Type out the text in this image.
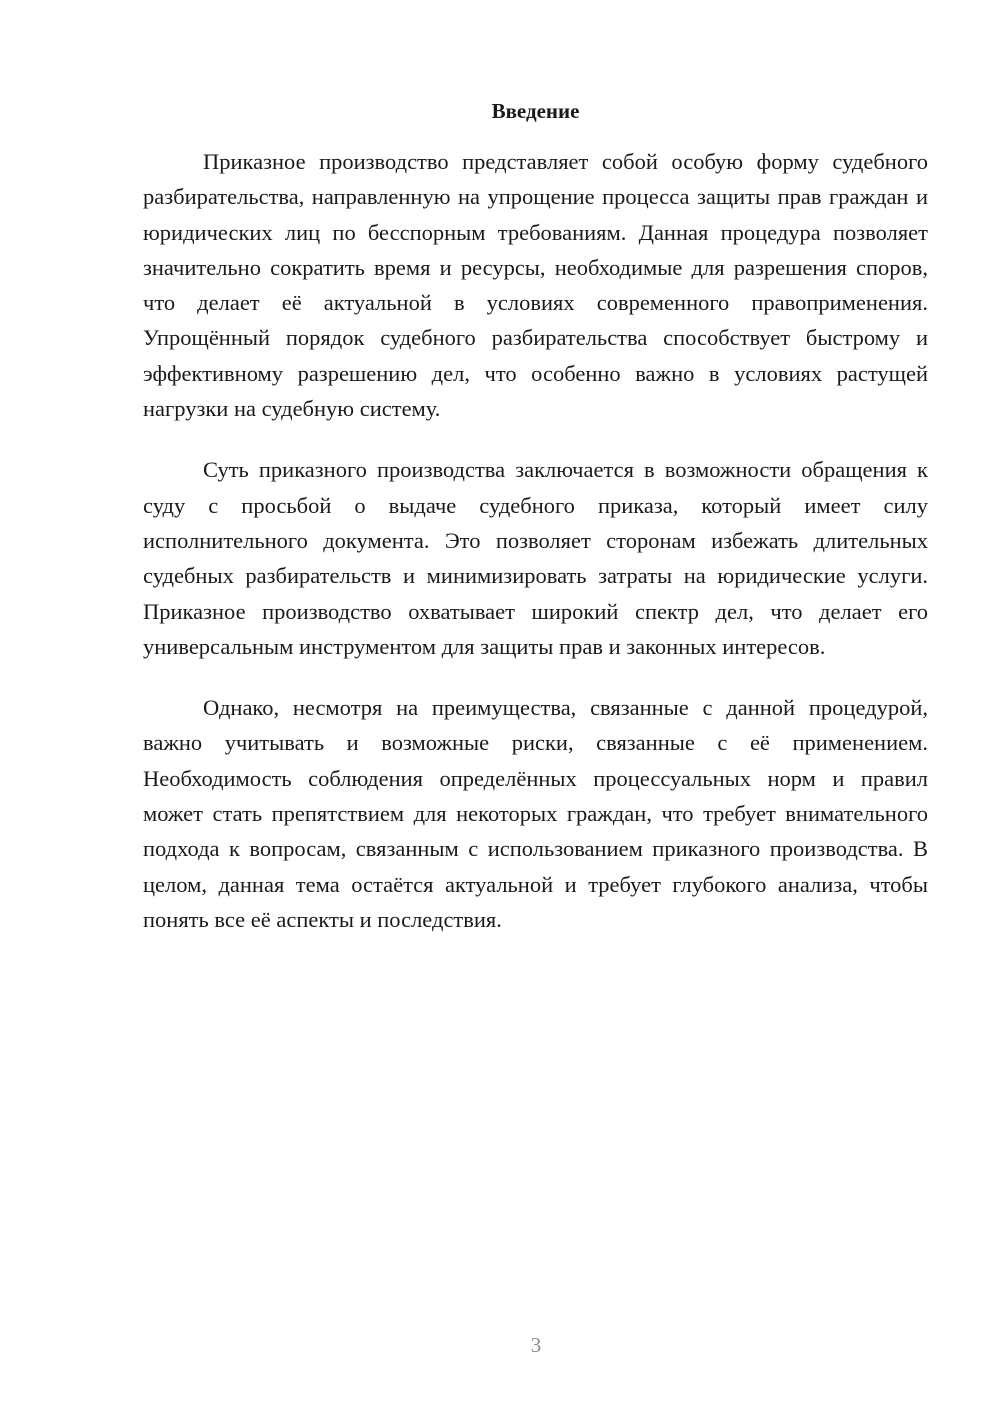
Введение

Приказное производство представляет собой особую форму судебного разбирательства, направленную на упрощение процесса защиты прав граждан и юридических лиц по бесспорным требованиям. Данная процедура позволяет значительно сократить время и ресурсы, необходимые для разрешения споров, что делает её актуальной в условиях современного правоприменения. Упрощённый порядок судебного разбирательства способствует быстрому и эффективному разрешению дел, что особенно важно в условиях растущей нагрузки на судебную систему.

Суть приказного производства заключается в возможности обращения к суду с просьбой о выдаче судебного приказа, который имеет силу исполнительного документа. Это позволяет сторонам избежать длительных судебных разбирательств и минимизировать затраты на юридические услуги. Приказное производство охватывает широкий спектр дел, что делает его универсальным инструментом для защиты прав и законных интересов.

Однако, несмотря на преимущества, связанные с данной процедурой, важно учитывать и возможные риски, связанные с её применением. Необходимость соблюдения определённых процессуальных норм и правил может стать препятствием для некоторых граждан, что требует внимательного подхода к вопросам, связанным с использованием приказного производства. В целом, данная тема остаётся актуальной и требует глубокого анализа, чтобы понять все её аспекты и последствия.

3
